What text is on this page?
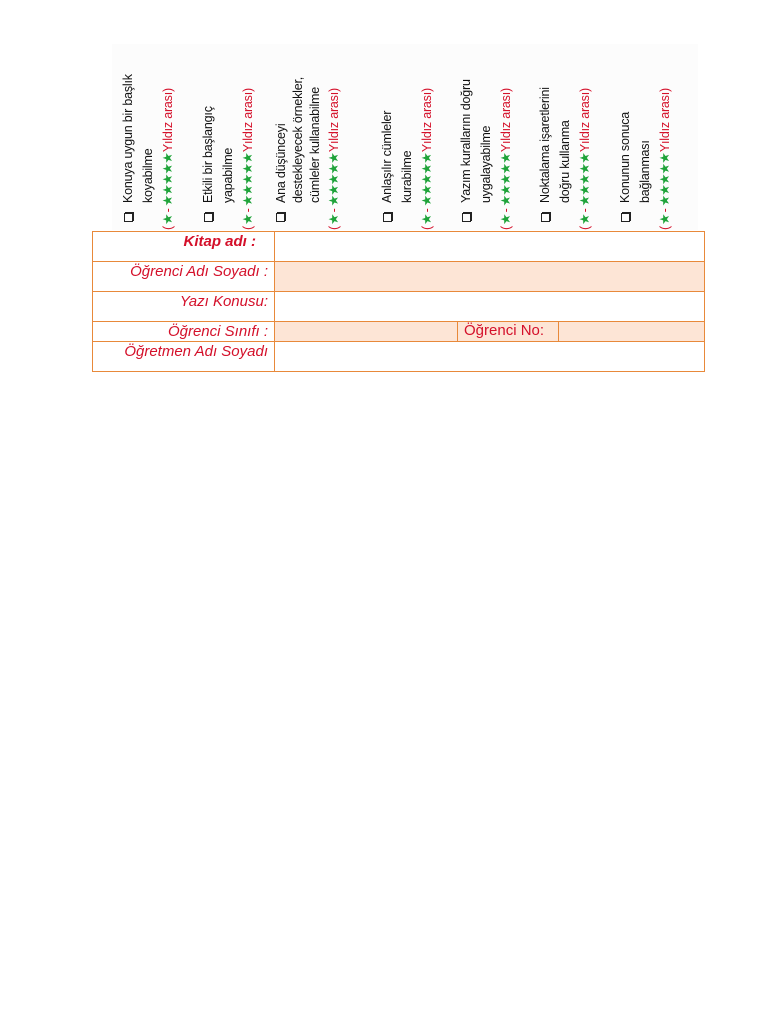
Konuya uygun bir başlık koyabilme
(
★
-
★★★★★
Yıldız arası
)
Etkili bir başlangıç yapabilme
(
★
-
★★★★★
Yıldız arası
)
Ana düşünceyi destekleyecek örnekler, cümleler kullanabilme
(
★
-
★★★★★
Yıldız arası
)
Anlaşılır cümleler kurabilme
(
★
-
★★★★★
Yıldız arası
) Yazım kurallarını doğru uygalayabilme
(
★
-
★★★★★
Yıldız arası
) Noktalama işaretlerini doğru kullanma
(
★
-
★★★★★
Yıldız arası
)
Konunun sonuca bağlanması
(
★
-
★★★★★
Yıldız arası
)
Kitap adı :			
Öğrenci Adı Soyadı :			
Yazı Konusu:			
Öğrenci Sınıfı :		Öğrenci No:	
Öğretmen Adı Soyadı			
